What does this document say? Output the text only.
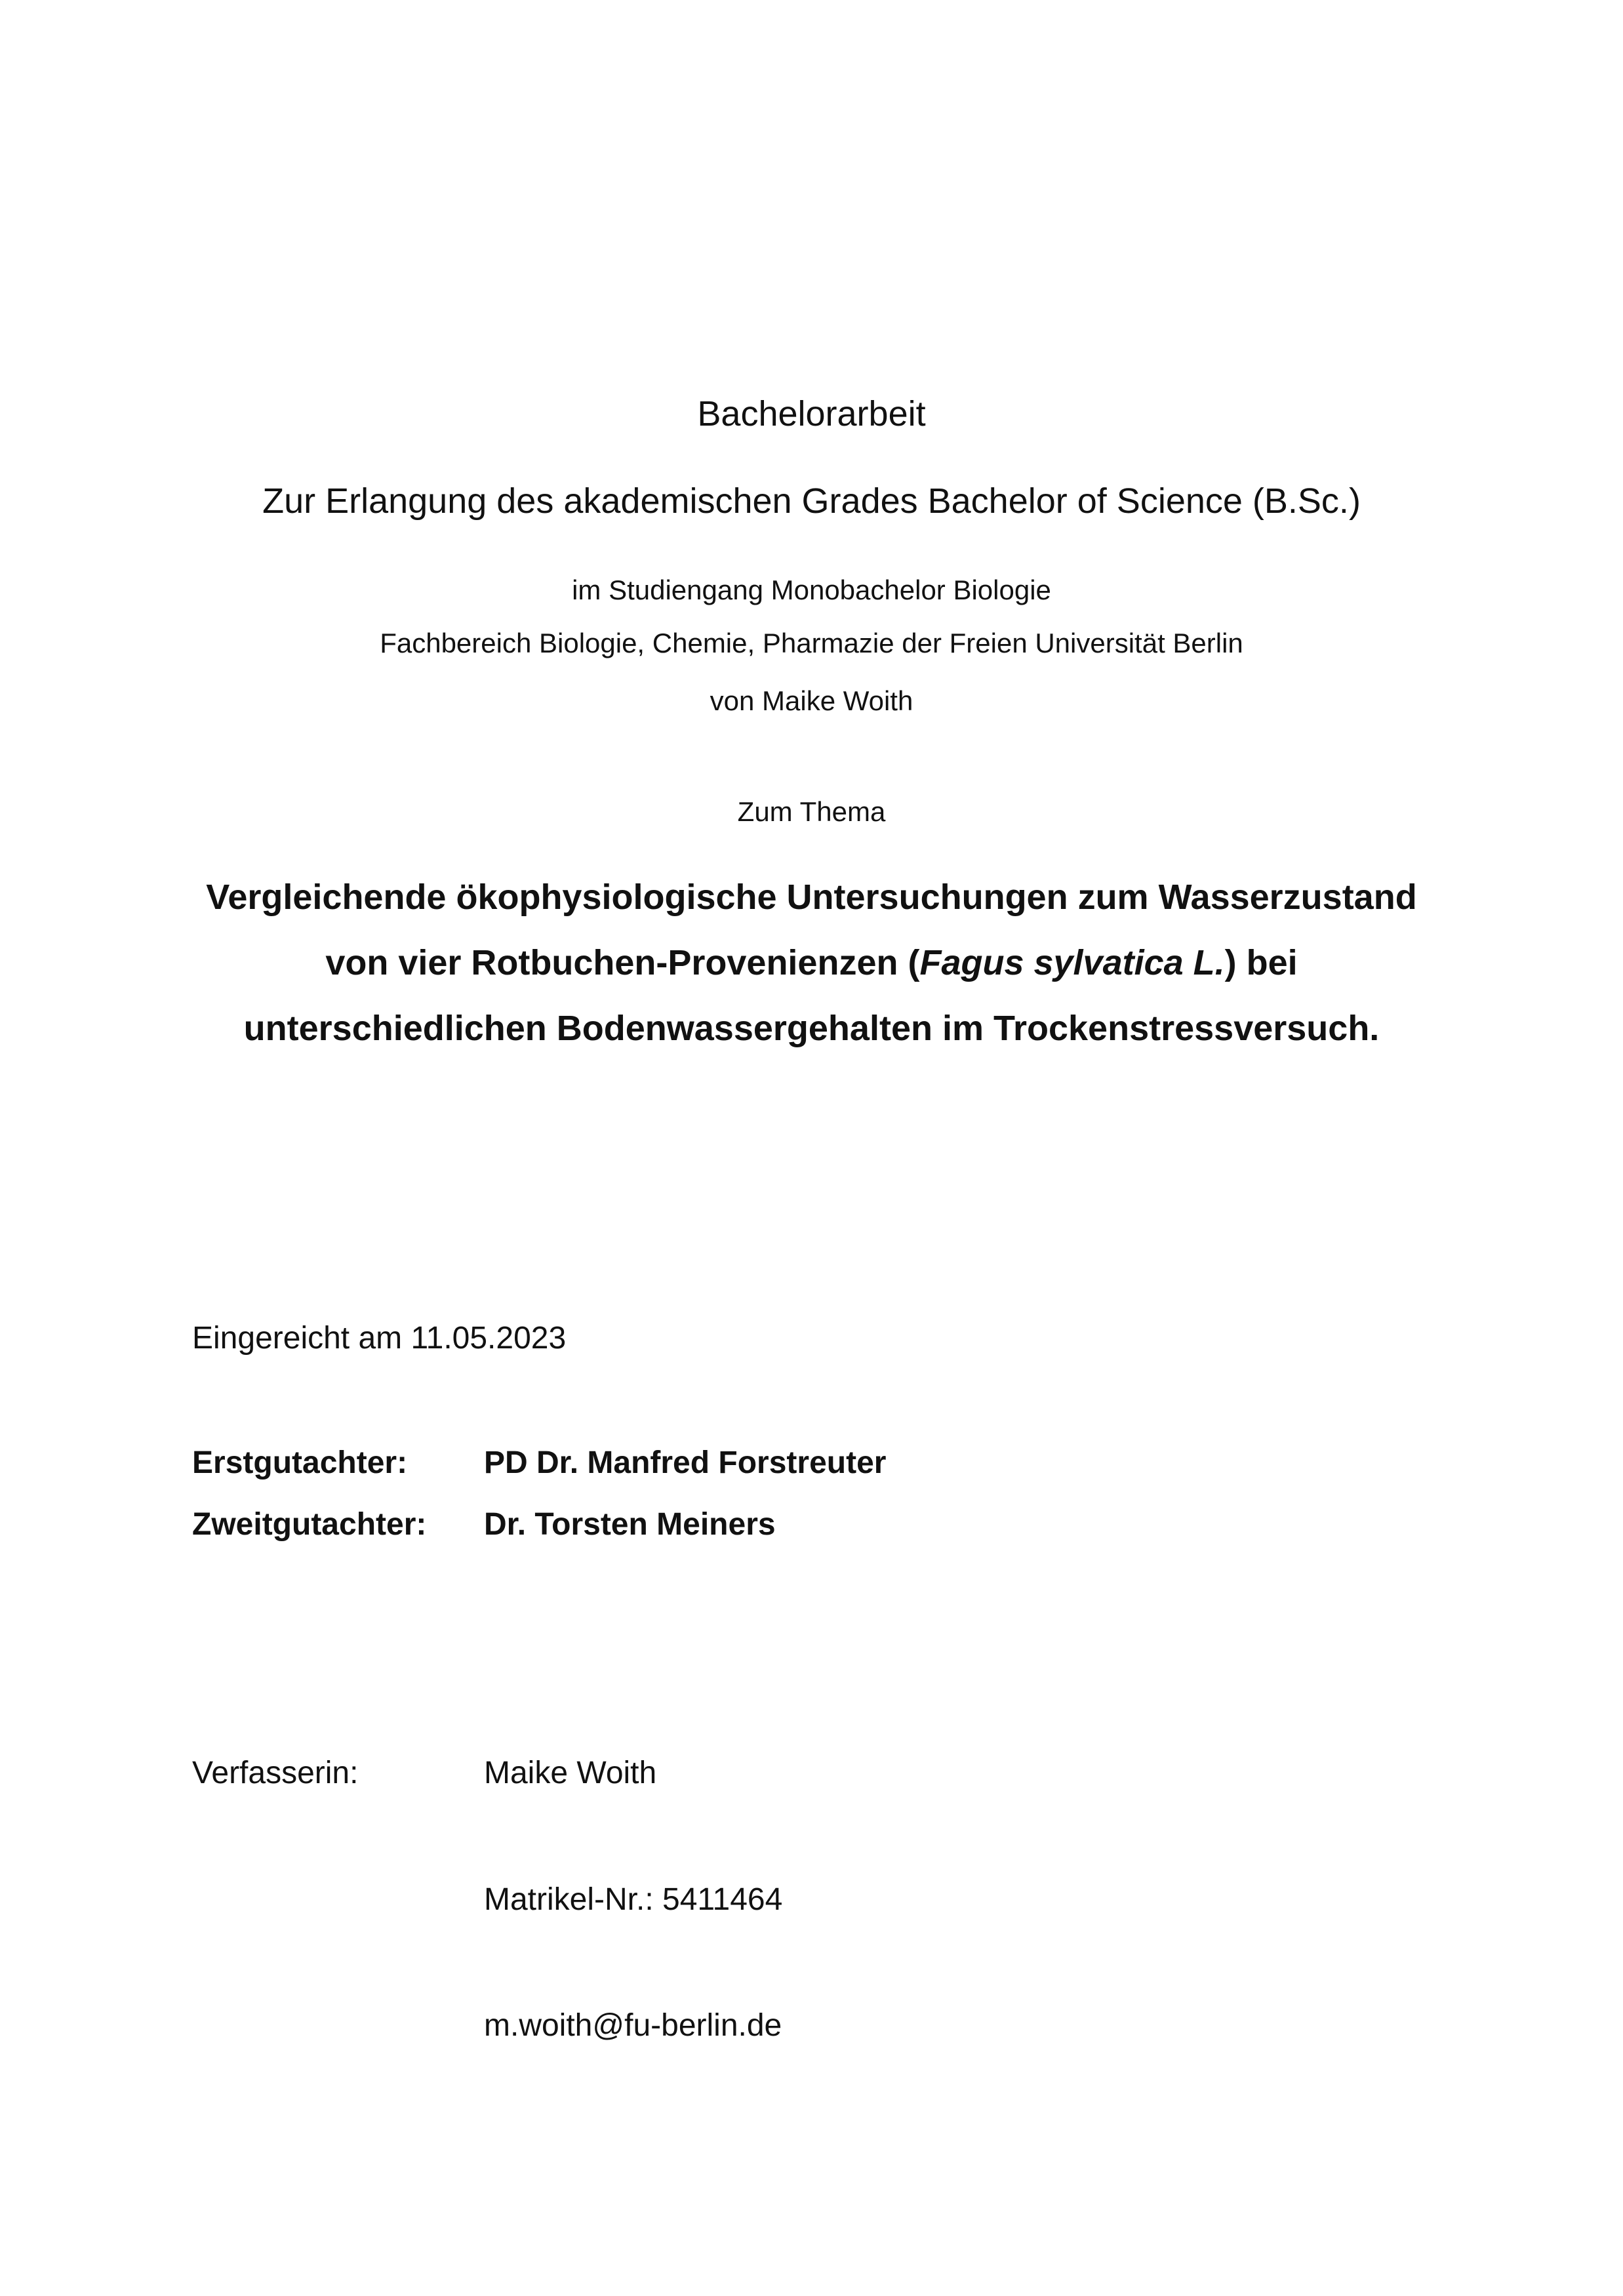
Bachelorarbeit
Zur Erlangung des akademischen Grades Bachelor of Science (B.Sc.)
im Studiengang Monobachelor Biologie
Fachbereich Biologie, Chemie, Pharmazie der Freien Universität Berlin
von Maike Woith
Zum Thema
Vergleichende ökophysiologische Untersuchungen zum Wasserzustand
von vier Rotbuchen-Provenienzen (Fagus sylvatica L.) bei
unterschiedlichen Bodenwassergehalten im Trockenstressversuch.
Eingereicht am 11.05.2023
Erstgutachter: PD Dr. Manfred Forstreuter
Zweitgutachter: Dr. Torsten Meiners
Verfasserin:	Maike Woith
Matrikel-Nr.: 5411464
m.woith@fu-berlin.de
